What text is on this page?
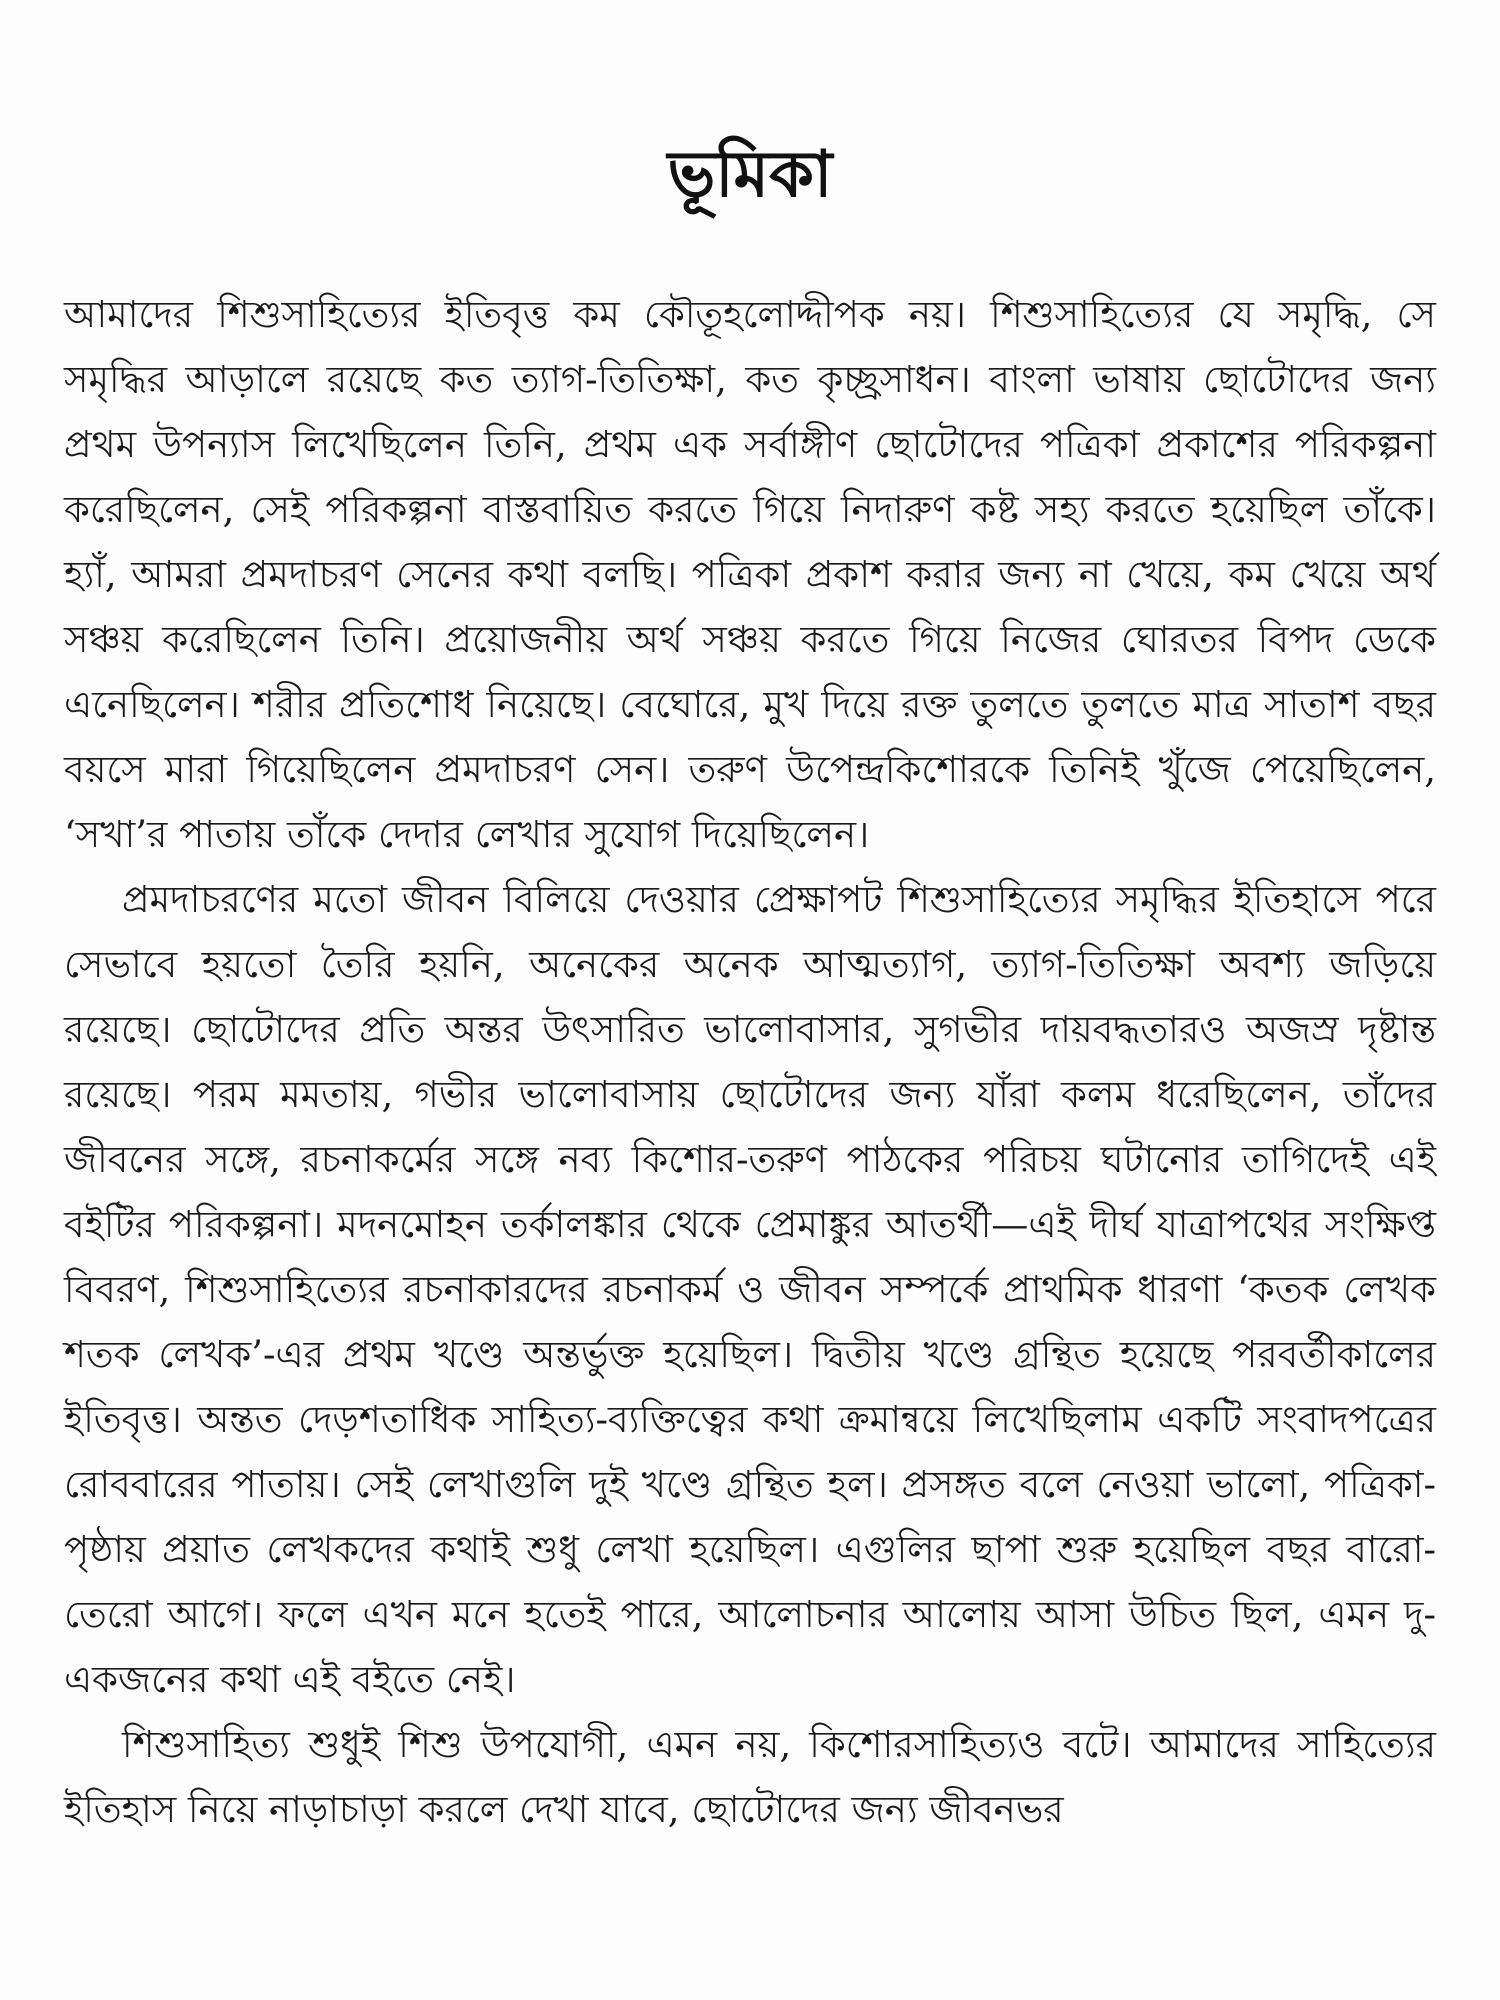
ভূমিকা

আমাদের শিশুসাহিত্যের ইতিবৃত্ত কম কৌতূহলোদ্দীপক নয়। শিশুসাহিত্যের যে সমৃদ্ধি, সে সমৃদ্ধির আড়ালে রয়েছে কত ত্যাগ-তিতিক্ষা, কত কৃচ্ছ্রসাধন। বাংলা ভাষায় ছোটোদের জন্য প্রথম উপন্যাস লিখেছিলেন তিনি, প্রথম এক সর্বাঙ্গীণ ছোটোদের পত্রিকা প্রকাশের পরিকল্পনা করেছিলেন, সেই পরিকল্পনা বাস্তবায়িত করতে গিয়ে নিদারুণ কষ্ট সহ্য করতে হয়েছিল তাঁকে। হ্যাঁ, আমরা প্রমদাচরণ সেনের কথা বলছি। পত্রিকা প্রকাশ করার জন্য না খেয়ে, কম খেয়ে অর্থ সঞ্চয় করেছিলেন তিনি। প্রয়োজনীয় অর্থ সঞ্চয় করতে গিয়ে নিজের ঘোরতর বিপদ ডেকে এনেছিলেন। শরীর প্রতিশোধ নিয়েছে। বেঘোরে, মুখ দিয়ে রক্ত তুলতে তুলতে মাত্র সাতাশ বছর বয়সে মারা গিয়েছিলেন প্রমদাচরণ সেন। তরুণ উপেন্দ্রকিশোরকে তিনিই খুঁজে পেয়েছিলেন, ‘সখা’র পাতায় তাঁকে দেদার লেখার সুযোগ দিয়েছিলেন।

প্রমদাচরণের মতো জীবন বিলিয়ে দেওয়ার প্রেক্ষাপট শিশুসাহিত্যের সমৃদ্ধির ইতিহাসে পরে সেভাবে হয়তো তৈরি হয়নি, অনেকের অনেক আত্মত্যাগ, ত্যাগ-তিতিক্ষা অবশ্য জড়িয়ে রয়েছে। ছোটোদের প্রতি অন্তর উৎসারিত ভালোবাসার, সুগভীর দায়বদ্ধতারও অজস্র দৃষ্টান্ত রয়েছে। পরম মমতায়, গভীর ভালোবাসায় ছোটোদের জন্য যাঁরা কলম ধরেছিলেন, তাঁদের জীবনের সঙ্গে, রচনাকর্মের সঙ্গে নব্য কিশোর-তরুণ পাঠকের পরিচয় ঘটানোর তাগিদেই এই বইটির পরিকল্পনা। মদনমোহন তর্কালঙ্কার থেকে প্রেমাঙ্কুর আতর্থী—এই দীর্ঘ যাত্রাপথের সংক্ষিপ্ত বিবরণ, শিশুসাহিত্যের রচনাকারদের রচনাকর্ম ও জীবন সম্পর্কে প্রাথমিক ধারণা ‘কতক লেখক শতক লেখক’-এর প্রথম খণ্ডে অন্তর্ভুক্ত হয়েছিল। দ্বিতীয় খণ্ডে গ্রন্থিত হয়েছে পরবর্তীকালের ইতিবৃত্ত। অন্তত দেড়শতাধিক সাহিত্য-ব্যক্তিত্বের কথা ক্রমান্বয়ে লিখেছিলাম একটি সংবাদপত্রের রোববারের পাতায়। সেই লেখাগুলি দুই খণ্ডে গ্রন্থিত হল। প্রসঙ্গত বলে নেওয়া ভালো, পত্রিকা-পৃষ্ঠায় প্রয়াত লেখকদের কথাই শুধু লেখা হয়েছিল। এগুলির ছাপা শুরু হয়েছিল বছর বারো-তেরো আগে। ফলে এখন মনে হতেই পারে, আলোচনার আলোয় আসা উচিত ছিল, এমন দু-একজনের কথা এই বইতে নেই।

শিশুসাহিত্য শুধুই শিশু উপযোগী, এমন নয়, কিশোরসাহিত্যও বটে। আমাদের সাহিত্যের ইতিহাস নিয়ে নাড়াচাড়া করলে দেখা যাবে, ছোটোদের জন্য জীবনভর
